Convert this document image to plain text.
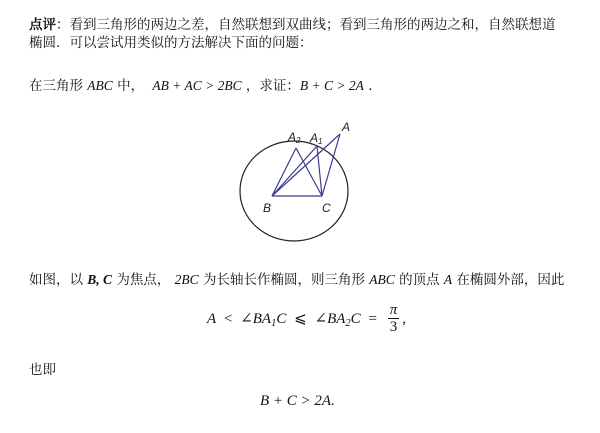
点评：看到三角形的两边之差，自然联想到双曲线；看到三角形的两边之和，自然联想道
椭圆．可以尝试用类似的方法解决下面的问题：
在三角形 ABC 中， AB + AC > 2BC ，求证：B + C > 2A ．
A
A1
A2
B	C
如图，以 B, C 为焦点， 2BC 为长轴长作椭圆，则三角形 ABC 的顶点 A 在椭圆外部，因此
$A < \angle BA_1C$ ⩽ $\angle BA_2C = \frac{\pi}{3}$ ,
也即
B + C > 2A.
